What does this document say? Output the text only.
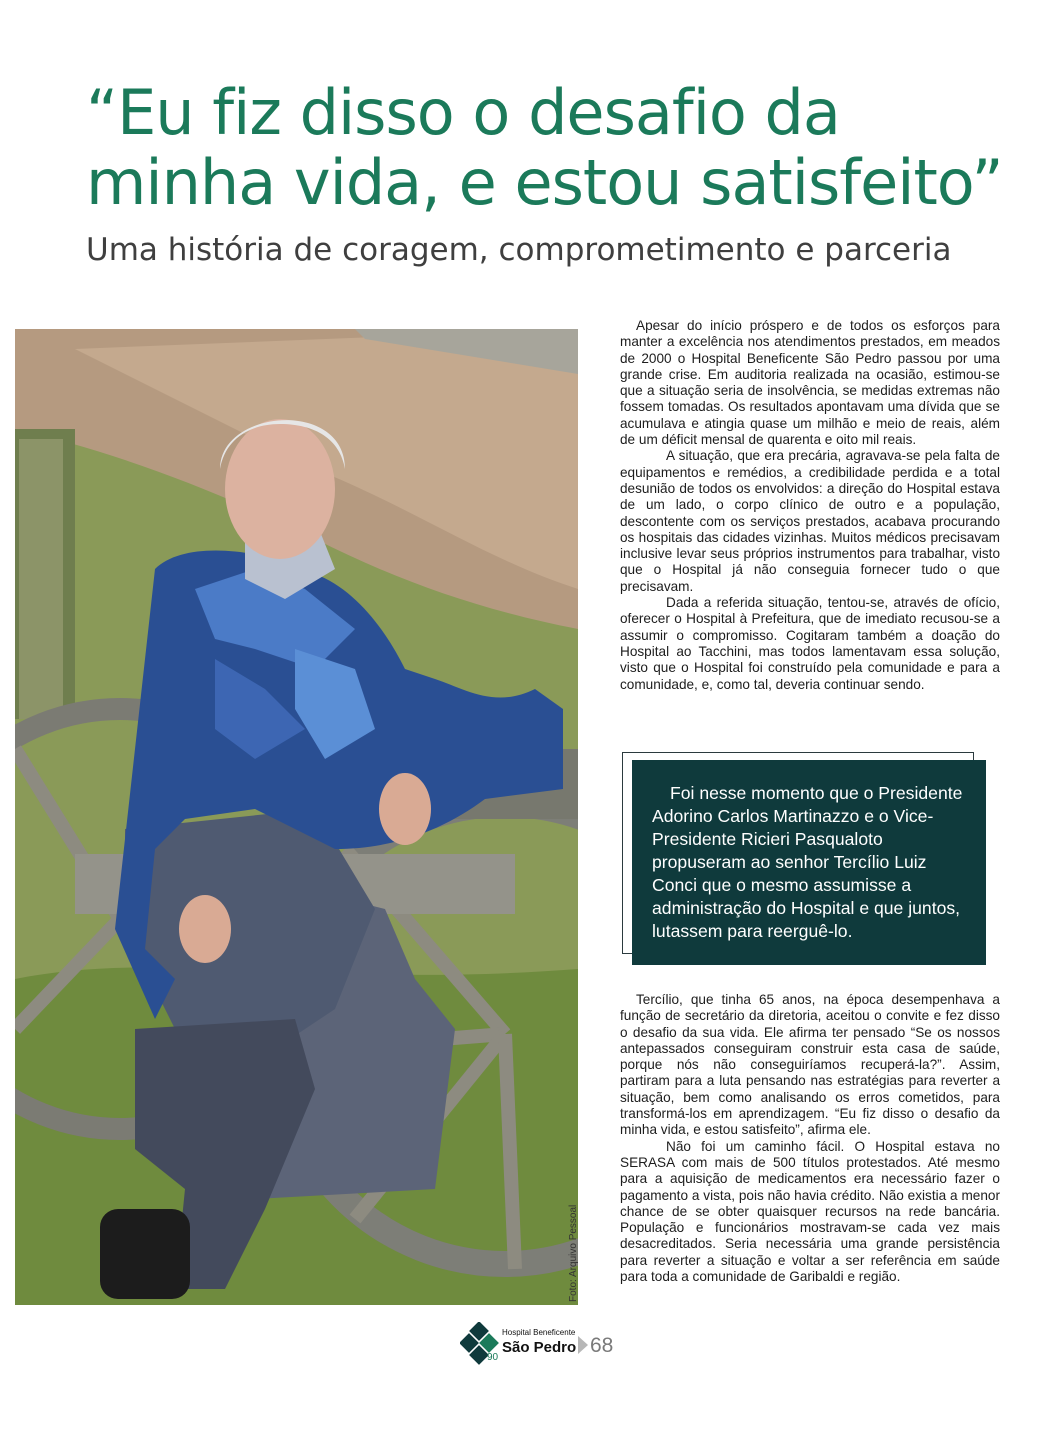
“Eu fiz disso o desafio da
minha vida, e estou satisfeito”
Uma história de coragem, comprometimento e parceria
Foto: Arquivo Pessoal

Apesar do início próspero e de todos os esforços para manter a excelência nos atendimentos prestados, em meados de 2000 o Hospital Beneficente São Pedro passou por uma grande crise. Em auditoria realizada na ocasião, estimou-se que a situação seria de insolvência, se medidas extremas não fossem tomadas. Os resultados apontavam uma dívida que se acumulava e atingia quase um milhão e meio de reais, além de um déficit mensal de quarenta e oito mil reais.

A situação, que era precária, agravava-se pela falta de equipamentos e remédios, a credibilidade perdida e a total desunião de todos os envolvidos: a direção do Hospital estava de um lado, o corpo clínico de outro e a população, descontente com os serviços prestados, acabava procurando os hospitais das cidades vizinhas. Muitos médicos precisavam inclusive levar seus próprios instrumentos para trabalhar, visto que o Hospital já não conseguia fornecer tudo o que precisavam.

Dada a referida situação, tentou-se, através de ofício, oferecer o Hospital à Prefeitura, que de imediato recusou-se a assumir o compromisso. Cogitaram também a doação do Hospital ao Tacchini, mas todos lamentavam essa solução, visto que o Hospital foi construído pela comunidade e para a comunidade, e, como tal, deveria continuar sendo.

Foi nesse momento que o Presidente Adorino Carlos Martinazzo e o Vice-Presidente Ricieri Pasqualoto propuseram ao senhor Tercílio Luiz Conci que o mesmo assumisse a administração do Hospital e que juntos, lutassem para reerguê-lo.

Tercílio, que tinha 65 anos, na época desempenhava a função de secretário da diretoria, aceitou o convite e fez disso o desafio da sua vida. Ele afirma ter pensado “Se os nossos antepassados conseguiram construir esta casa de saúde, porque nós não conseguiríamos recuperá-la?”. Assim, partiram para a luta pensando nas estratégias para reverter a situação, bem como analisando os erros cometidos, para transformá-los em aprendizagem. “Eu fiz disso o desafio da minha vida, e estou satisfeito”, afirma ele.

Não foi um caminho fácil. O Hospital estava no SERASA com mais de 500 títulos protestados. Até mesmo para a aquisição de medicamentos era necessário fazer o pagamento a vista, pois não havia crédito. Não existia a menor chance de se obter quaisquer recursos na rede bancária. População e funcionários mostravam-se cada vez mais desacreditados. Seria necessária uma grande persistência para reverter a situação e voltar a ser referência em saúde para toda a comunidade de Garibaldi e região.

90
Hospital Beneficente
São Pedro 68
